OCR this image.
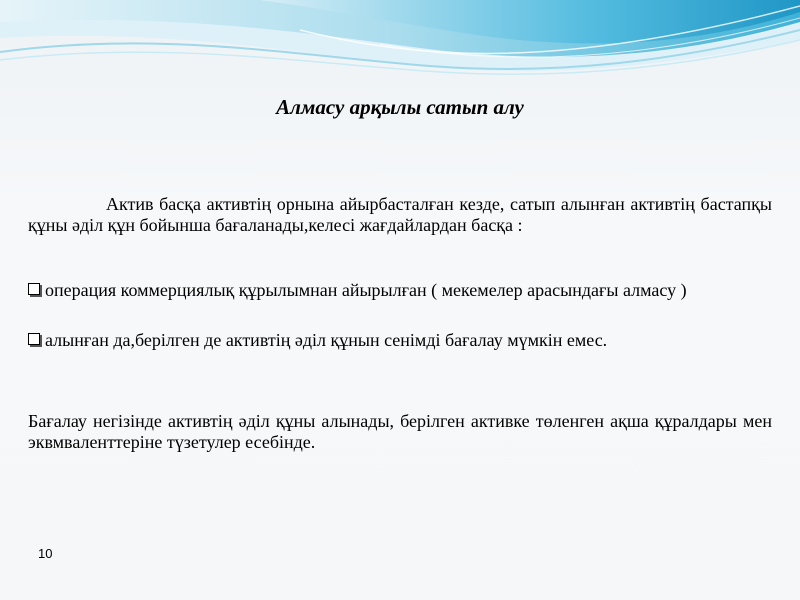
Алмасу арқылы сатып алу
Актив басқа активтің орнына айырбасталған кезде, сатып алынған активтің бастапқы құны әділ құн бойынша бағаланады,келесі жағдайлардан басқа :
операция коммерциялық құрылымнан айырылған ( мекемелер арасындағы алмасу )
алынған да,берілген де активтің әділ құнын сенімді бағалау мүмкін емес.
Бағалау негізінде активтің әділ құны алынады, берілген активке төленген ақша құралдары мен эквмваленттеріне түзетулер есебінде.
10
